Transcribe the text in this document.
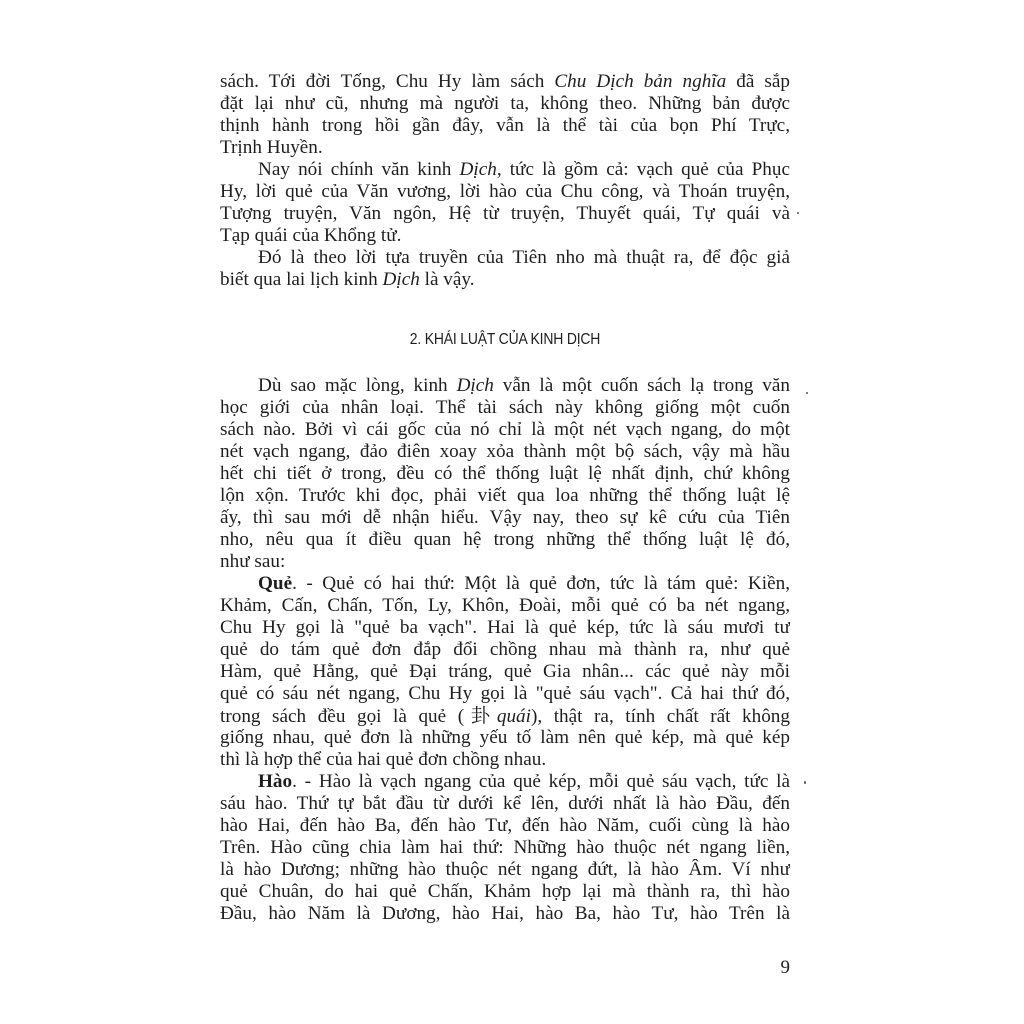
sách. Tới đời Tống, Chu Hy làm sách Chu Dịch bản nghĩa đã sắp
đặt lại như cũ, nhưng mà người ta, không theo. Những bản được
thịnh hành trong hồi gần đây, vẫn là thể tài của bọn Phí Trực,
Trịnh Huyền.
Nay nói chính văn kinh Dịch, tức là gồm cả: vạch quẻ của Phục
Hy, lời quẻ của Văn vương, lời hào của Chu công, và Thoán truyện,
Tượng truyện, Văn ngôn, Hệ từ truyện, Thuyết quái, Tự quái và
Tạp quái của Khổng tử.
Đó là theo lời tựa truyền của Tiên nho mà thuật ra, để độc giả
biết qua lai lịch kinh Dịch là vậy.
2. KHÁI LUẬT CỦA KINH DỊCH
Dù sao mặc lòng, kinh Dịch vẫn là một cuốn sách lạ trong văn
học giới của nhân loại. Thể tài sách này không giống một cuốn
sách nào. Bởi vì cái gốc của nó chỉ là một nét vạch ngang, do một
nét vạch ngang, đảo điên xoay xỏa thành một bộ sách, vậy mà hầu
hết chi tiết ở trong, đều có thể thống luật lệ nhất định, chứ không
lộn xộn. Trước khi đọc, phải viết qua loa những thể thống luật lệ
ấy, thì sau mới dễ nhận hiểu. Vậy nay, theo sự kê cứu của Tiên
nho, nêu qua ít điều quan hệ trong những thể thống luật lệ đó,
như sau:
Quẻ. - Quẻ có hai thứ: Một là quẻ đơn, tức là tám quẻ: Kiền,
Khảm, Cấn, Chấn, Tốn, Ly, Khôn, Đoài, mỗi quẻ có ba nét ngang,
Chu Hy gọi là "quẻ ba vạch". Hai là quẻ kép, tức là sáu mươi tư
quẻ do tám quẻ đơn đắp đổi chồng nhau mà thành ra, như quẻ
Hàm, quẻ Hằng, quẻ Đại tráng, quẻ Gia nhân... các quẻ này mỗi
quẻ có sáu nét ngang, Chu Hy gọi là "quẻ sáu vạch". Cả hai thứ đó,
trong sách đều gọi là quẻ (卦quái), thật ra, tính chất rất không
giống nhau, quẻ đơn là những yếu tố làm nên quẻ kép, mà quẻ kép
thì là hợp thể của hai quẻ đơn chồng nhau.
Hào. - Hào là vạch ngang của quẻ kép, mỗi quẻ sáu vạch, tức là
sáu hào. Thứ tự bắt đầu từ dưới kể lên, dưới nhất là hào Đầu, đến
hào Hai, đến hào Ba, đến hào Tư, đến hào Năm, cuối cùng là hào
Trên. Hào cũng chia làm hai thứ: Những hào thuộc nét ngang liền,
là hào Dương; những hào thuộc nét ngang đứt, là hào Âm. Ví như
quẻ Chuân, do hai quẻ Chấn, Khảm hợp lại mà thành ra, thì hào
Đầu, hào Năm là Dương, hào Hai, hào Ba, hào Tư, hào Trên là
9
